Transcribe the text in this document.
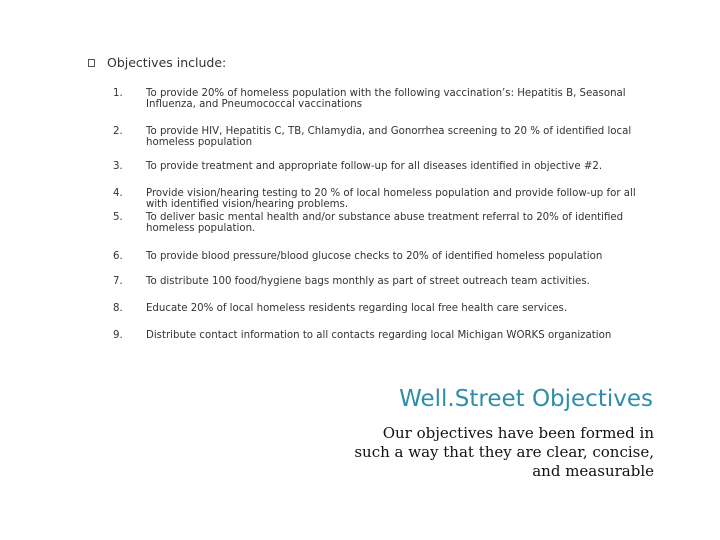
Objectives include:
1.	To provide 20% of homeless population with the following vaccination’s: Hepatitis B, Seasonal Influenza, and Pneumococcal vaccinations
2.	To provide HIV, Hepatitis C, TB, Chlamydia, and Gonorrhea screening to 20 % of identified local homeless population
3.	To provide treatment and appropriate follow-up for all diseases identified in objective #2.
4.	Provide vision/hearing testing to 20 % of local homeless population and provide follow-up for all with identified vision/hearing problems.
5.	To deliver basic mental health and/or substance abuse treatment referral to 20% of identified homeless population.
6.	To provide blood pressure/blood glucose checks to 20% of identified homeless population
7.	To distribute 100 food/hygiene bags monthly as part of street outreach team activities.
8.	Educate 20% of local homeless residents regarding local free health care services.
9.	Distribute contact information to all contacts regarding local Michigan WORKS organization
Well.Street Objectives
Our objectives have been formed in such a way that they are clear, concise, and measurable
